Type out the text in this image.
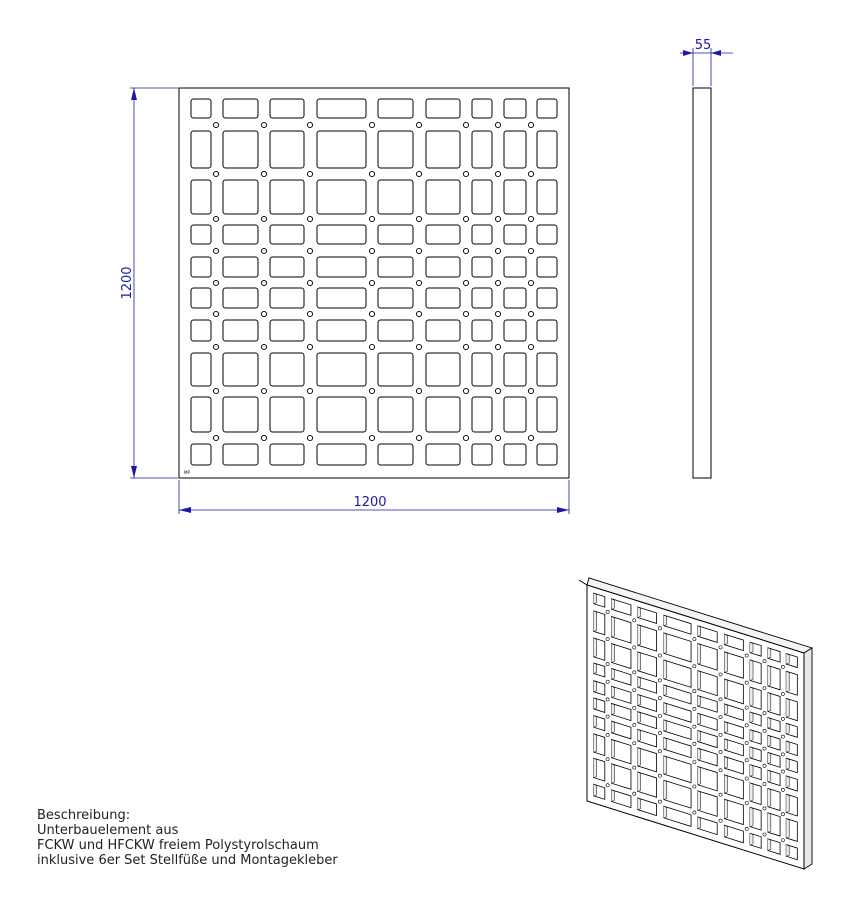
MP
1200
1200
55
Beschreibung:
Unterbauelement aus
FCKW und HFCKW freiem Polystyrolschaum
inklusive 6er Set Stellfüße und Montagekleber
